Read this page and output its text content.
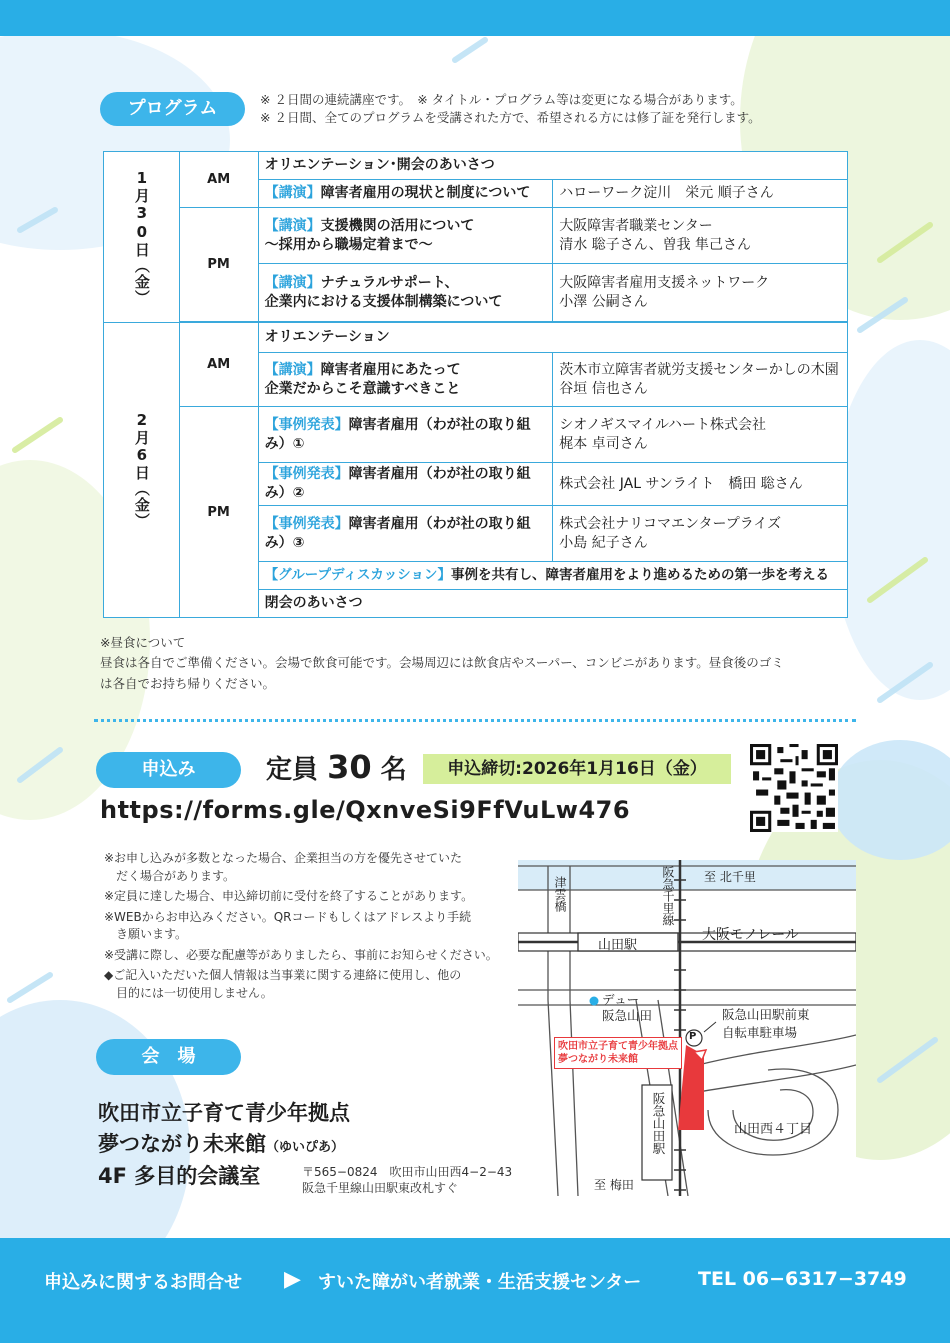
プログラム	※ ２日間の連続講座です。　※ タイトル・プログラム等は変更になる場合があります。
※ ２日間、全てのプログラムを受講された方で、希望される方には修了証を発行します。
1月30日（金）	AM	オリエンテーション･開会のあいさつ	
		【講演】障害者雇用の現状と制度について	ハローワーク淀川　栄元 順子さん
	PM	【講演】支援機関の活用について
～採用から職場定着まで～	大阪障害者職業センター
清水 聡子さん、曽我 隼己さん
		【講演】ナチュラルサポート、
企業内における支援体制構築について	大阪障害者雇用支援ネットワーク
小澤 公嗣さん

2月6日（金）	AM	オリエンテーション	
		【講演】障害者雇用にあたって
企業だからこそ意識すべきこと	茨木市立障害者就労支援センターかしの木園
谷垣 信也さん
	PM	【事例発表】障害者雇用（わが社の取り組み）①	シオノギスマイルハート株式会社
梶本 卓司さん
		【事例発表】障害者雇用（わが社の取り組み）②	株式会社 JAL サンライト　橋田 聡さん
		【事例発表】障害者雇用（わが社の取り組み）③	株式会社ナリコマエンタープライズ
小島 紀子さん
		【グループディスカッション】事例を共有し、障害者雇用をより進めるための第一歩を考える	
		閉会のあいさつ	
※昼食について
昼食は各自でご準備ください。会場で飲食可能です。会場周辺には飲食店やスーパー、コンビニがあります。昼食後のゴミ
は各自でお持ち帰りください。
申込み	定員 30 名	申込締切:2026年1月16日（金）
https://forms.gle/QxnveSi9FfVuLw476
※お申し込みが多数となった場合、企業担当の方を優先させていた
　だく場合があります。
※定員に達した場合、申込締切前に受付を終了することがあります。
※WEBからお申込みください。QRコードもしくはアドレスより手続
　き願います。
※受講に際し、必要な配慮等がありましたら、事前にお知らせください。
◆ご記入いただいた個人情報は当事業に関する連絡に使用し、他の
　目的には一切使用しません。
会　場
吹田市立子育て青少年拠点
夢つながり未来館（ゆいぴあ）
4F 多目的会議室	〒565−0824　吹田市山田西4−2−43
阪急千里線山田駅東改札すぐ
至 北千里
阪急千里線
津雲橋
山田駅
大阪モノレール
デュー
阪急山田	阪急山田駅前東
自転車駐車場
P
吹田市立子育て青少年拠点
夢つながり未来館
阪急山田駅	山田西４丁目
至 梅田
申込みに関するお問合せ ▶ すいた障がい者就業・生活支援センター	TEL 06−6317−3749
